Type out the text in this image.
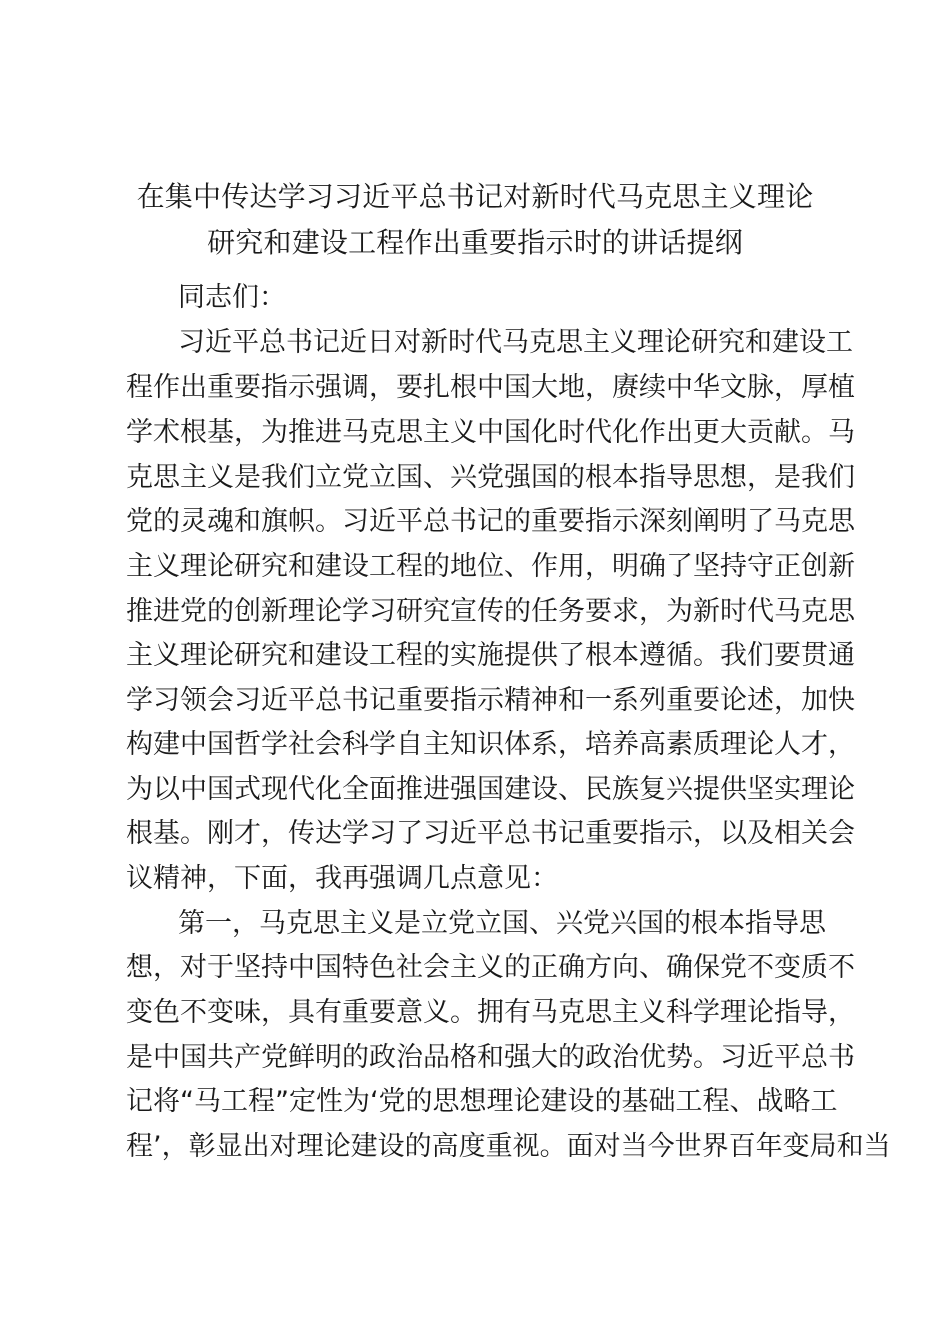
在集中传达学习习近平总书记对新时代马克思主义理论
研究和建设工程作出重要指示时的讲话提纲
同志们：
习近平总书记近日对新时代马克思主义理论研究和建设工
程作出重要指示强调，要扎根中国大地，赓续中华文脉，厚植
学术根基，为推进马克思主义中国化时代化作出更大贡献。马
克思主义是我们立党立国、兴党强国的根本指导思想，是我们
党的灵魂和旗帜。习近平总书记的重要指示深刻阐明了马克思
主义理论研究和建设工程的地位、作用，明确了坚持守正创新
推进党的创新理论学习研究宣传的任务要求，为新时代马克思
主义理论研究和建设工程的实施提供了根本遵循。我们要贯通
学习领会习近平总书记重要指示精神和一系列重要论述，加快
构建中国哲学社会科学自主知识体系，培养高素质理论人才，
为以中国式现代化全面推进强国建设、民族复兴提供坚实理论
根基。刚才，传达学习了习近平总书记重要指示，以及相关会
议精神，下面，我再强调几点意见：
第一，马克思主义是立党立国、兴党兴国的根本指导思
想，对于坚持中国特色社会主义的正确方向、确保党不变质不
变色不变味，具有重要意义。拥有马克思主义科学理论指导，
是中国共产党鲜明的政治品格和强大的政治优势。习近平总书
记将“马工程”定性为‘党的思想理论建设的基础工程、战略工
程’，彰显出对理论建设的高度重视。面对当今世界百年变局和当
